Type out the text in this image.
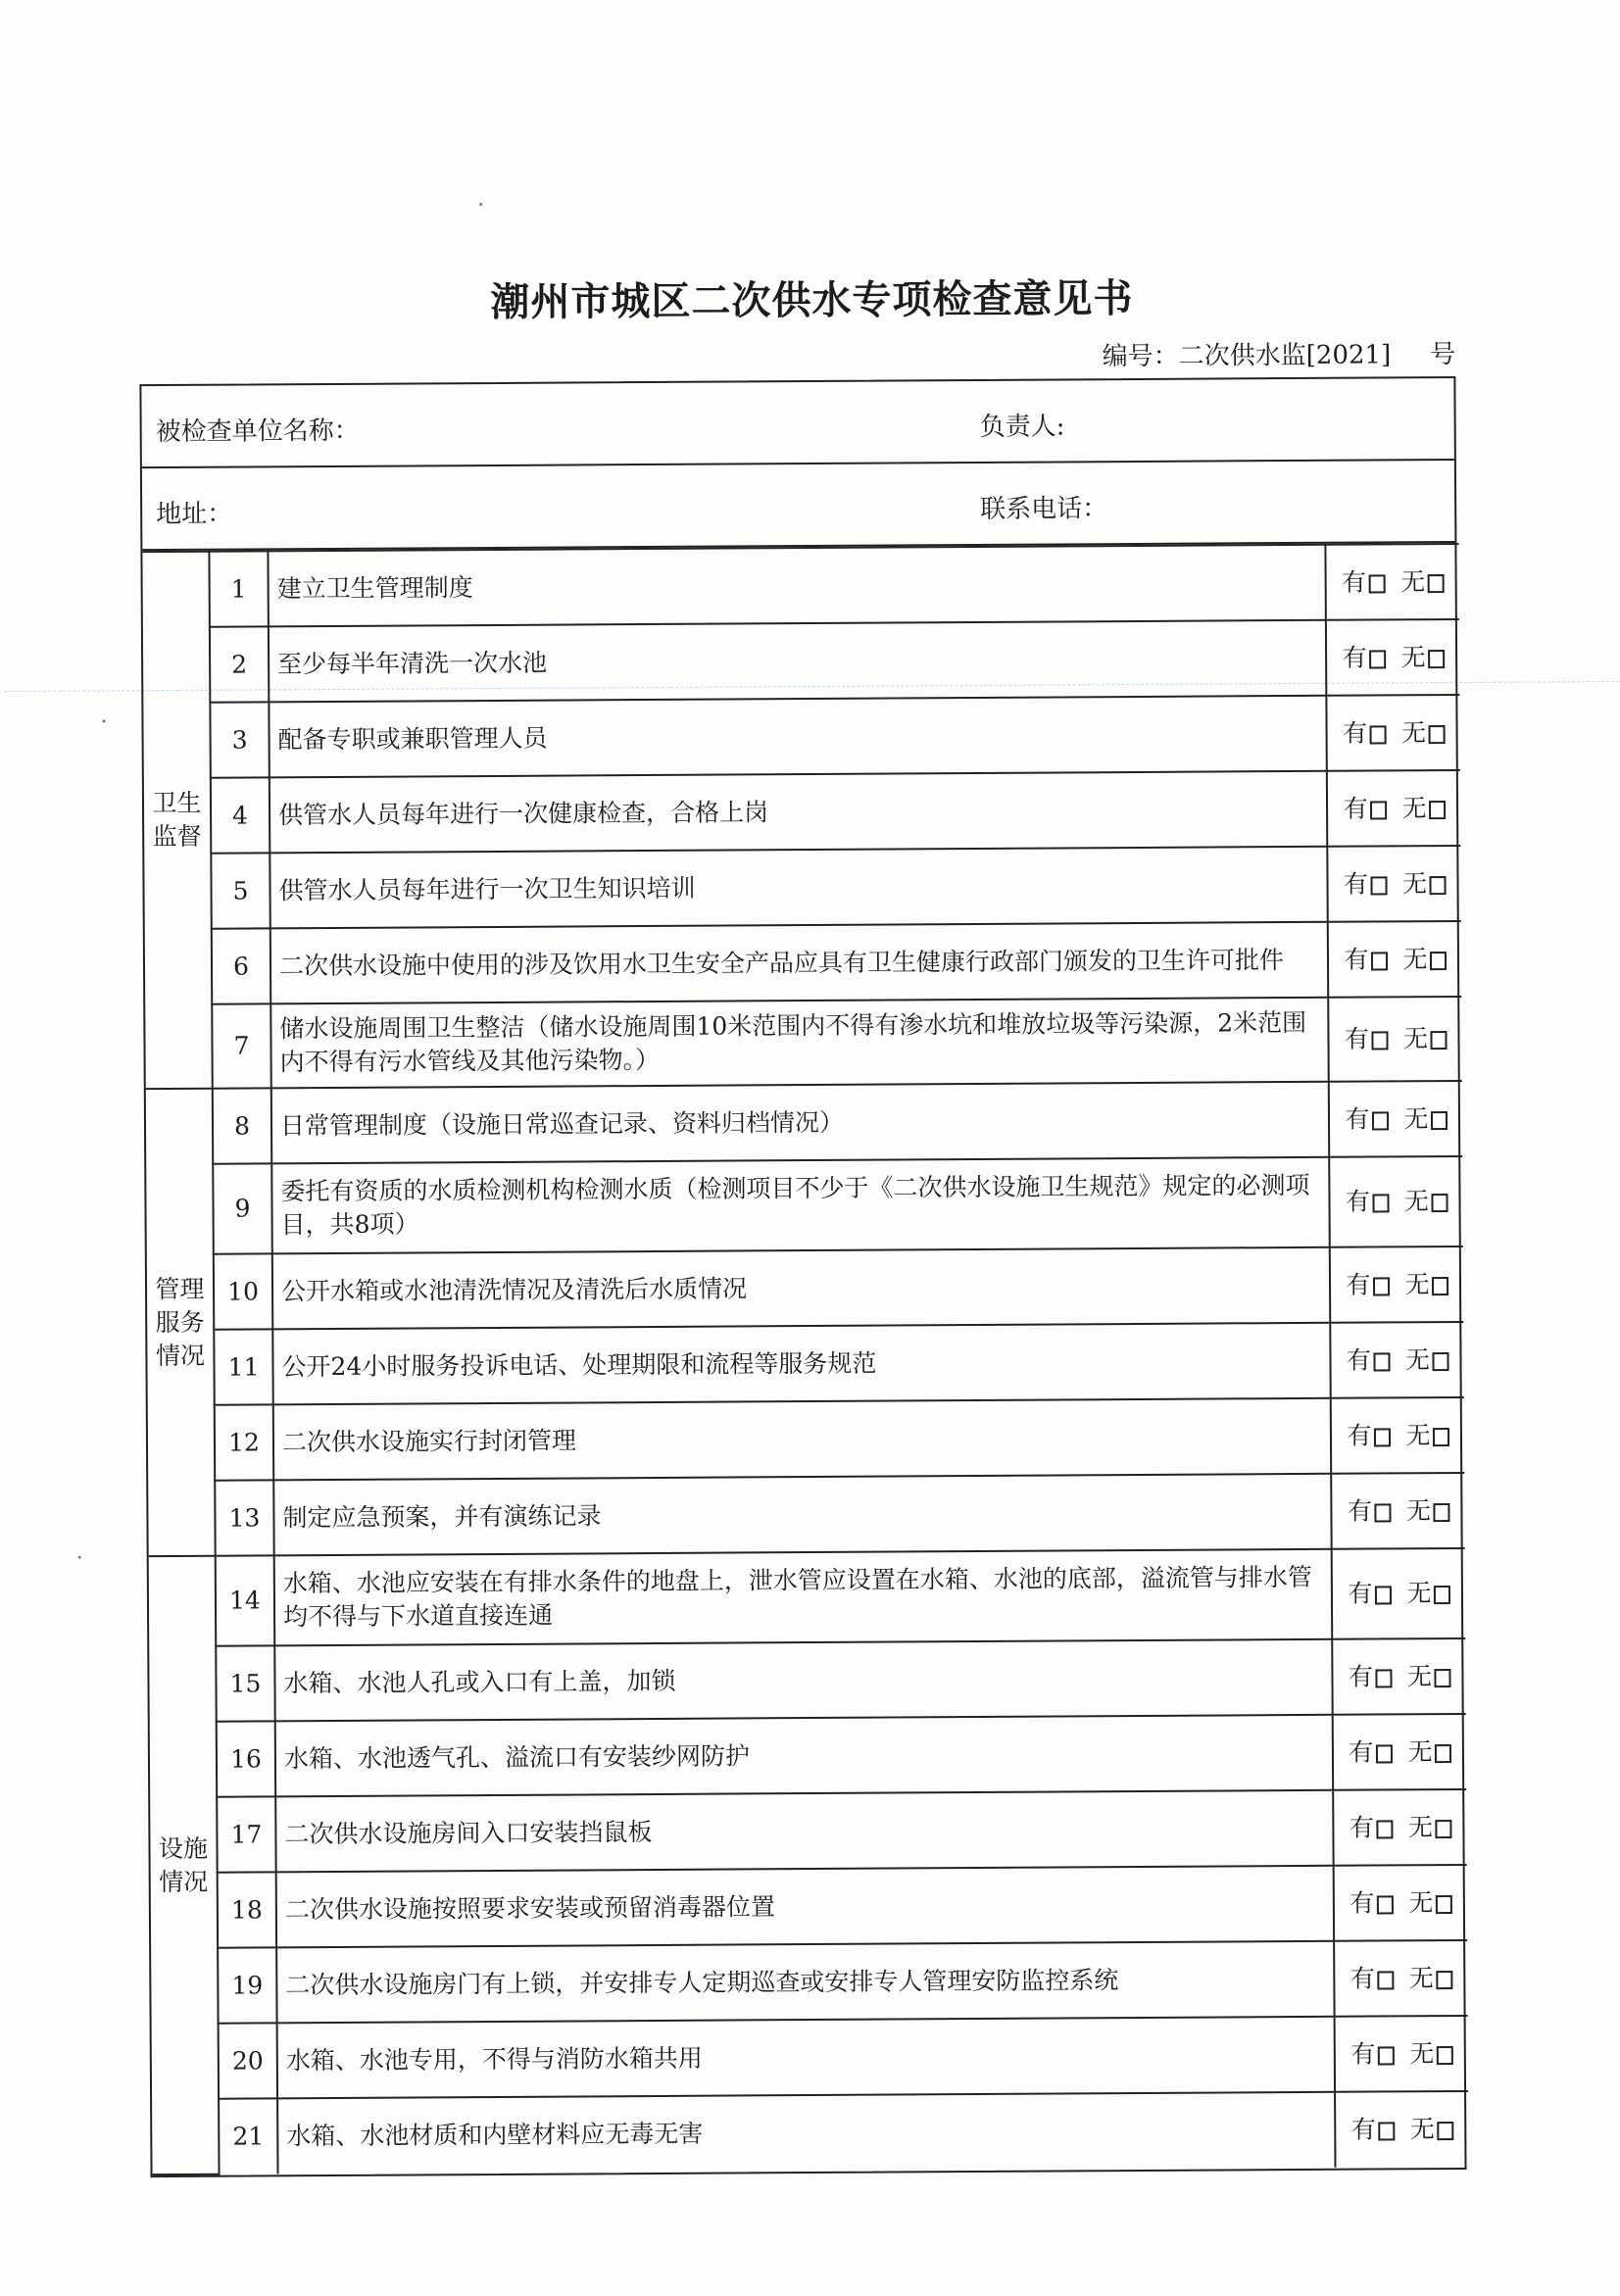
潮州市城区二次供水专项检查意见书
编号：二次供水监[2021] 号
被检查单位名称：	负责人:
地址：	联系电话：
卫生
监督	1	建立卫生管理制度	有 无
	2	至少每半年清洗一次水池	有 无
	3	配备专职或兼职管理人员	有 无
	4	供管水人员每年进行一次健康检查，合格上岗	有 无
	5	供管水人员每年进行一次卫生知识培训	有 无
	6	二次供水设施中使用的涉及饮用水卫生安全产品应具有卫生健康行政部门颁发的卫生许可批件	有 无
	7	储水设施周围卫生整洁（储水设施周围10米范围内不得有渗水坑和堆放垃圾等污染源，2米范围内不得有污水管线及其他污染物。）	有 无
管理
服务
情况	8	日常管理制度（设施日常巡查记录、资料归档情况）	有 无
	9	委托有资质的水质检测机构检测水质（检测项目不少于《二次供水设施卫生规范》规定的必测项目，共8项）	有 无
	10	公开水箱或水池清洗情况及清洗后水质情况	有 无
	11	公开24小时服务投诉电话、处理期限和流程等服务规范	有 无
	12	二次供水设施实行封闭管理	有 无
	13	制定应急预案，并有演练记录	有 无
设施
情况	14	水箱、水池应安装在有排水条件的地盘上，泄水管应设置在水箱、水池的底部，溢流管与排水管均不得与下水道直接连通	有 无
	15	水箱、水池人孔或入口有上盖，加锁	有 无
	16	水箱、水池透气孔、溢流口有安装纱网防护	有 无
	17	二次供水设施房间入口安装挡鼠板	有 无
	18	二次供水设施按照要求安装或预留消毒器位置	有 无
	19	二次供水设施房门有上锁，并安排专人定期巡查或安排专人管理安防监控系统	有 无
	20	水箱、水池专用，不得与消防水箱共用	有 无
	21	水箱、水池材质和内壁材料应无毒无害	有 无
